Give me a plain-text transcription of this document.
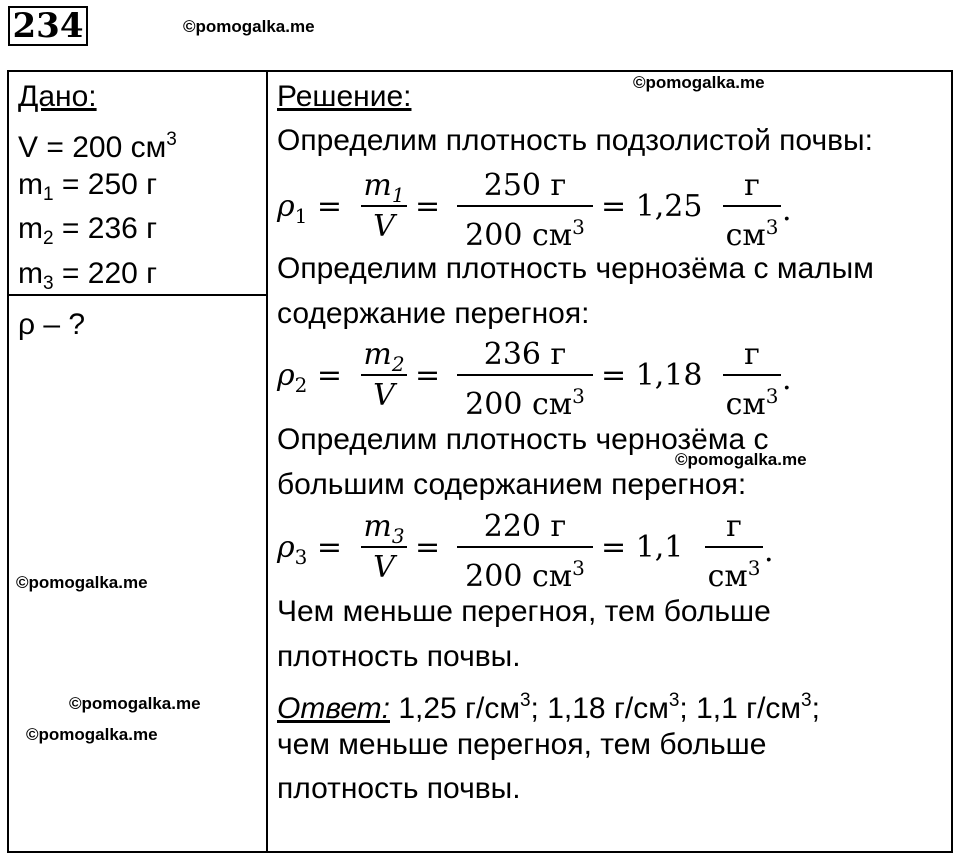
234	©pomogalka.me
©pomogalka.me
©pomogalka.me
©pomogalka.me
©pomogalka.me
©pomogalka.me
Дано:
V = 200 $см^3$
$m_1 = 250$ г
$m_2 = 236$ г
$m_3 = 220$ г
ρ – ?
Решение:
Определим плотность подзолистой почвы:
$\rho_1$ =
$m_1$
V
=
250 г
200 $см^3$
= 1,25
г
$см^3$ .
Определим плотность чернозёма с малым
содержание перегноя:
$\rho_2$ =
$m_2$
V
=
236 г
200 $см^3$
= 1,18
г
$см^3$ .
Определим плотность чернозёма с
большим содержанием перегноя:
$\rho_3$ =
$m_3$
V
=
220 г
200 $см^3$
= 1,1
г
$см^3$ .
Чем меньше перегноя, тем больше
плотность почвы.
Ответ: 1,25 $г/см^3$; 1,18 $г/см^3$; 1,1 $г/см^3$;
чем меньше перегноя, тем больше
плотность почвы.
